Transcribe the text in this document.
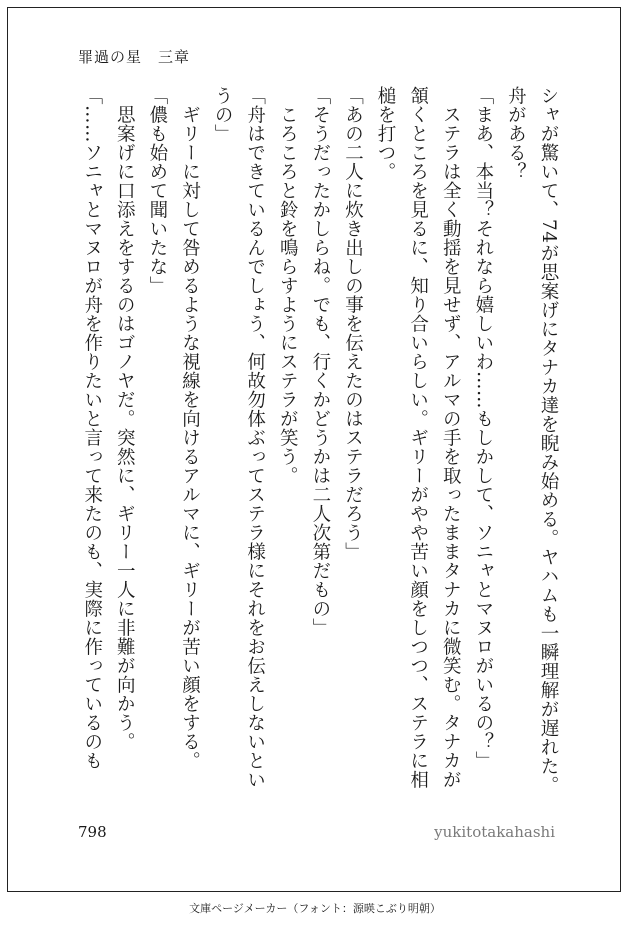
罪過の星　三章

シャが驚いて、74が思案げにタナカ達を睨み始める。ヤハムも一瞬理解が遅れた。舟がある？

「まあ、本当？それなら嬉しいわ……もしかして、ソニャとマヌロがいるの？」

　ステラは全く動揺を見せず、アルマの手を取ったままタナカに微笑む。タナカが頷くところを見るに、知り合いらしい。ギリーがやや苦い顔をしつつ、ステラに相槌を打つ。

「あの二人に炊き出しの事を伝えたのはステラだろう」

「そうだったかしらね。でも、行くかどうかは二人次第だもの」

　ころころと鈴を鳴らすようにステラが笑う。

「舟はできているんでしょう、何故勿体ぶってステラ様にそれをお伝えしないというの」

　ギリーに対して咎めるような視線を向けるアルマに、ギリーが苦い顔をする。

「儂も始めて聞いたな」

　思案げに口添えをするのはゴノヤだ。突然に、ギリー一人に非難が向かう。

「……ソニャとマヌロが舟を作りたいと言って来たのも、実際に作っているのも

798	yukitotakahashi
文庫ページメーカー（フォント：源暎こぶり明朝）
